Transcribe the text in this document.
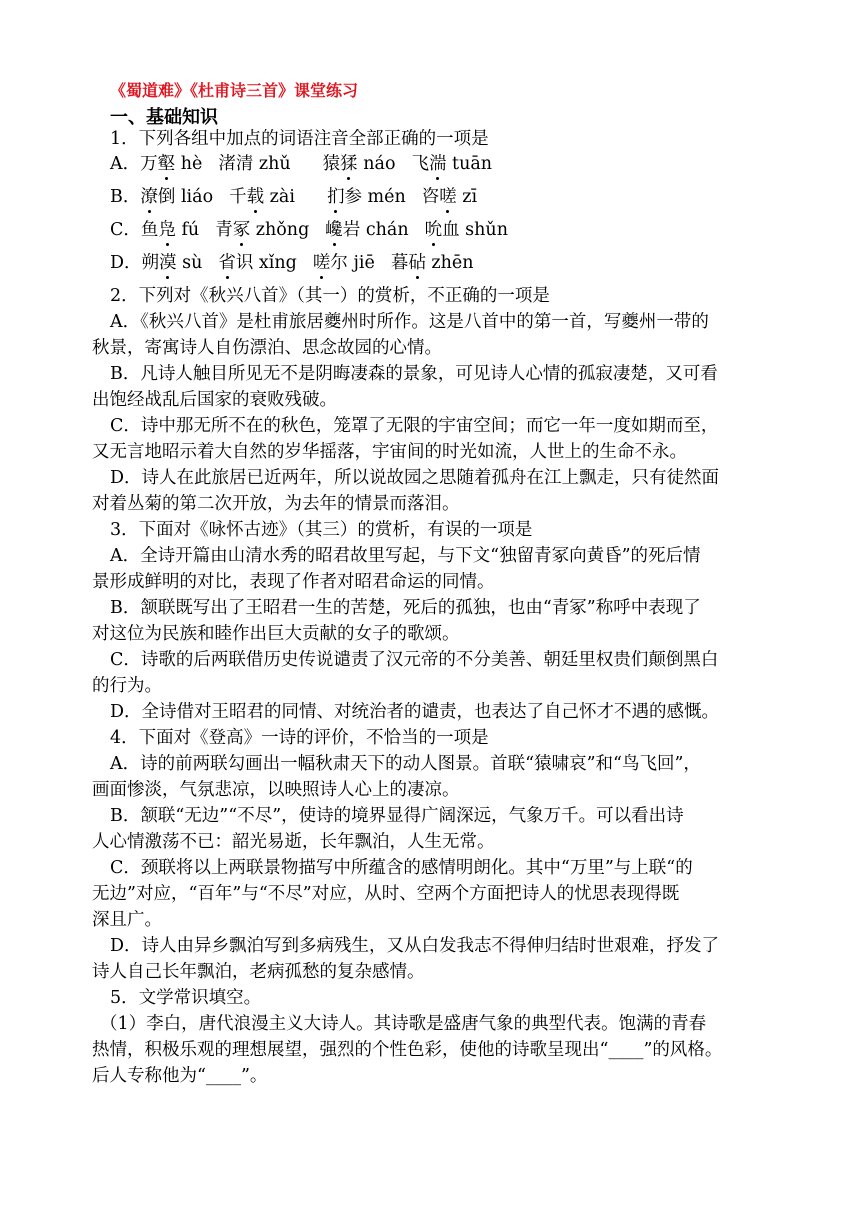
《蜀道难》《杜甫诗三首》课堂练习
一、基础知识
1．下列各组中加点的词语注音全部正确的一项是
A．万壑 hè 渚清 zhǔ 猿猱 náo 飞湍 tuān
B．潦倒 liáo 千载 zài 扪参 mén 咨嗟 zī
C．鱼凫 fú 青冢 zhǒng 巉岩 chán 吮血 shǔn
D．朔漠 sù 省识 xǐng 嗟尔 jiē 暮砧 zhēn
2．下列对《秋兴八首》（其一）的赏析，不正确的一项是
A．《秋兴八首》是杜甫旅居夔州时所作。这是八首中的第一首，写夔州一带的
秋景，寄寓诗人自伤漂泊、思念故园的心情。
B．凡诗人触目所见无不是阴晦凄森的景象，可见诗人心情的孤寂凄楚，又可看
出饱经战乱后国家的衰败残破。
C．诗中那无所不在的秋色，笼罩了无限的宇宙空间；而它一年一度如期而至，
又无言地昭示着大自然的岁华摇落，宇宙间的时光如流，人世上的生命不永。
D．诗人在此旅居已近两年，所以说故园之思随着孤舟在江上飘走，只有徒然面
对着丛菊的第二次开放，为去年的情景而落泪。
3．下面对《咏怀古迹》（其三）的赏析，有误的一项是
A．全诗开篇由山清水秀的昭君故里写起，与下文“独留青冢向黄昏”的死后情
景形成鲜明的对比，表现了作者对昭君命运的同情。
B．颔联既写出了王昭君一生的苦楚，死后的孤独，也由“青冢”称呼中表现了
对这位为民族和睦作出巨大贡献的女子的歌颂。
C．诗歌的后两联借历史传说谴责了汉元帝的不分美善、朝廷里权贵们颠倒黑白
的行为。
D．全诗借对王昭君的同情、对统治者的谴责，也表达了自己怀才不遇的感慨。
4．下面对《登高》一诗的评价，不恰当的一项是
A．诗的前两联勾画出一幅秋肃天下的动人图景。首联“猿啸哀”和“鸟飞回”，
画面惨淡，气氛悲凉，以映照诗人心上的凄凉。
B．颔联“无边”“不尽”，使诗的境界显得广阔深远，气象万千。可以看出诗
人心情激荡不已：韶光易逝，长年飘泊，人生无常。
C．颈联将以上两联景物描写中所蕴含的感情明朗化。其中“万里”与上联“的
无边”对应，“百年”与“不尽”对应，从时、空两个方面把诗人的忧思表现得既
深且广。
D．诗人由异乡飘泊写到多病残生，又从白发我志不得伸归结时世艰难，抒发了
诗人自己长年飘泊，老病孤愁的复杂感情。
5．文学常识填空。
（1）李白，唐代浪漫主义大诗人。其诗歌是盛唐气象的典型代表。饱满的青春
热情，积极乐观的理想展望，强烈的个性色彩，使他的诗歌呈现出“____”的风格。
后人专称他为“____”。
